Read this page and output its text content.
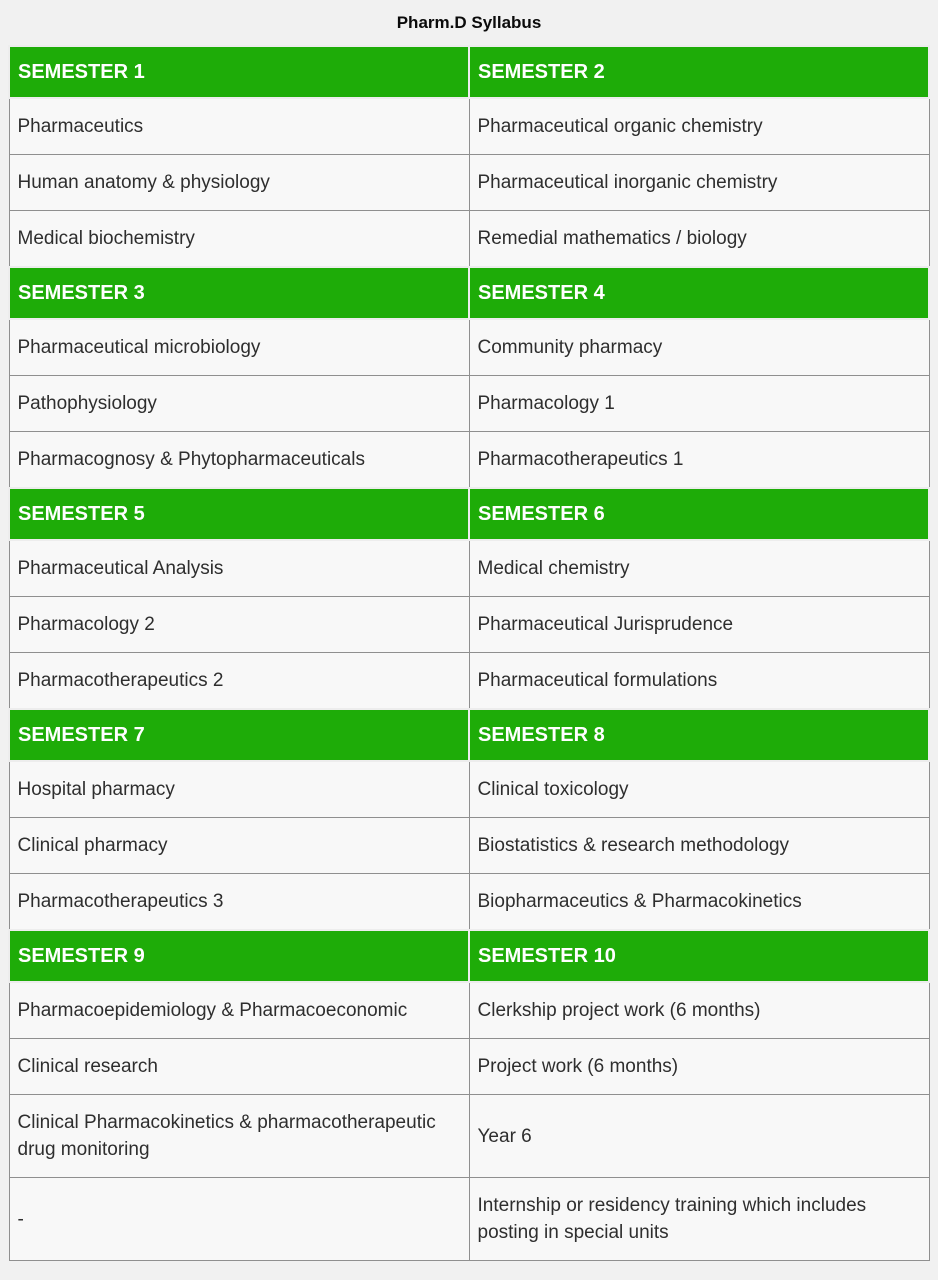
Pharm.D Syllabus
SEMESTER 1	SEMESTER 2
Pharmaceutics	Pharmaceutical organic chemistry
Human anatomy & physiology	Pharmaceutical inorganic chemistry
Medical biochemistry	Remedial mathematics / biology
SEMESTER 3	SEMESTER 4
Pharmaceutical microbiology	Community pharmacy
Pathophysiology	Pharmacology 1
Pharmacognosy & Phytopharmaceuticals	Pharmacotherapeutics 1
SEMESTER 5	SEMESTER 6
Pharmaceutical Analysis	Medical chemistry
Pharmacology 2	Pharmaceutical Jurisprudence
Pharmacotherapeutics 2	Pharmaceutical formulations
SEMESTER 7	SEMESTER 8
Hospital pharmacy	Clinical toxicology
Clinical pharmacy	Biostatistics & research methodology
Pharmacotherapeutics 3	Biopharmaceutics & Pharmacokinetics
SEMESTER 9	SEMESTER 10
Pharmacoepidemiology & Pharmacoeconomic	Clerkship project work (6 months)
Clinical research	Project work (6 months)
Clinical Pharmacokinetics & pharmacotherapeutic drug monitoring	Year 6
-	Internship or residency training which includes posting in special units
